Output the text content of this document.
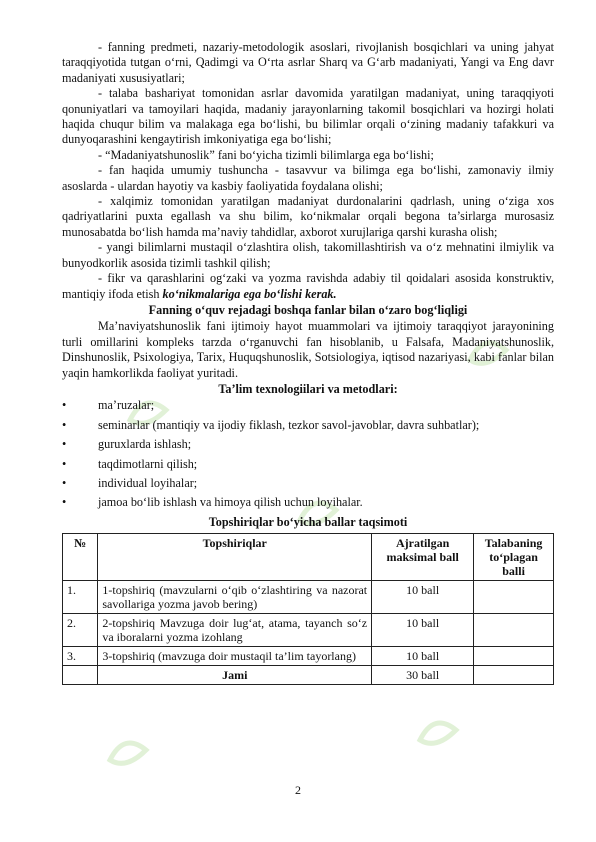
- fanning predmeti, nazariy-metodologik asoslari, rivojlanish bosqichlari va uning jahyat taraqqiyotida tutgan o‘rni, Qadimgi va O‘rta asrlar Sharq va G‘arb madaniyati, Yangi va Eng davr madaniyati xususiyatlari;

- talaba bashariyat tomonidan asrlar davomida yaratilgan madaniyat, uning taraqqiyoti qonuniyatlari va tamoyilari haqida, madaniy jarayonlarning takomil bosqichlari va hozirgi holati haqida chuqur bilim va malakaga ega bo‘lishi, bu bilimlar orqali o‘zining madaniy tafakkuri va dunyoqarashini kengaytirish imkoniyatiga ega bo‘lishi;

- “Madaniyatshunoslik” fani bo‘yicha tizimli bilimlarga ega bo‘lishi;

- fan haqida umumiy tushuncha - tasavvur va bilimga ega bo‘lishi, zamonaviy ilmiy asoslarda - ulardan hayotiy va kasbiy faoliyatida foydalana olishi;

- xalqimiz tomonidan yaratilgan madaniyat durdonalarini qadrlash, uning o‘ziga xos qadriyatlarini puxta egallash va shu bilim, ko‘nikmalar orqali begona ta’sirlarga murosasiz munosabatda bo‘lish hamda ma’naviy tahdidlar, axborot xurujlariga qarshi kurasha olish;

- yangi bilimlarni mustaqil o‘zlashtira olish, takomillashtirish va o‘z mehnatini ilmiylik va bunyodkorlik asosida tizimli tashkil qilish;

- fikr va qarashlarini og‘zaki va yozma ravishda adabiy til qoidalari asosida konstruktiv, mantiqiy ifoda etish ko‘nikmalariga ega bo‘lishi kerak.

Fanning o‘quv rejadagi boshqa fanlar bilan o‘zaro bog‘liqligi

Ma’naviyatshunoslik fani ijtimoiy hayot muammolari va ijtimoiy taraqqiyot jarayonining turli omillarini kompleks tarzda o‘rganuvchi fan hisoblanib, u Falsafa, Madaniyatshunoslik, Dinshunoslik, Psixologiya, Tarix, Huquqshunoslik, Sotsiologiya, iqtisod nazariyasi, kabi fanlar bilan yaqin hamkorlikda faoliyat yuritadi.

Ta’lim texnologiilari va metodlari:

•	ma’ruzalar;
•	seminarlar (mantiqiy va ijodiy fiklash, tezkor savol-javoblar, davra suhbatlar);
•	guruxlarda ishlash;
•	taqdimotlarni qilish;
•	individual loyihalar;
•	jamoa bo‘lib ishlash va himoya qilish uchun loyihalar.

Topshiriqlar bo‘yicha ballar taqsimoti

№	Topshiriqlar	Ajratilgan maksimal ball	Talabaning to‘plagan balli
1.	1-topshiriq (mavzularni o‘qib o‘zlashtiring va nazorat savollariga yozma javob bering)	10 ball	
2.	2-topshiriq Mavzuga doir lug‘at, atama, tayanch so‘z va iboralarni yozma izohlang	10 ball	
3.	3-topshiriq (mavzuga doir mustaqil ta’lim tayorlang)	10 ball	
	Jami	30 ball	
2
